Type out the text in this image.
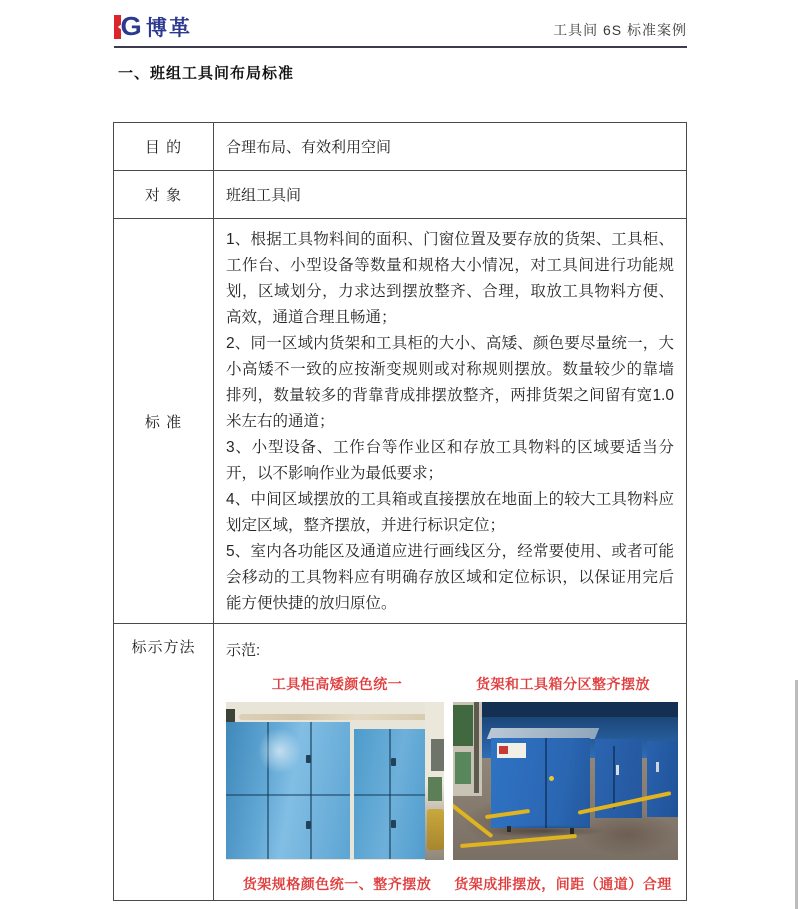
G 博革	工具间 6S 标准案例
一、班组工具间布局标准
目 的	合理布局、有效利用空间
对 象	班组工具间
标 准	1、根据工具物料间的面积、门窗位置及要存放的货架、工具柜、工作台、小型设备等数量和规格大小情况，对工具间进行功能规划，区域划分，力求达到摆放整齐、合理，取放工具物料方便、高效，通道合理且畅通；

2、同一区域内货架和工具柜的大小、高矮、颜色要尽量统一，大小高矮不一致的应按渐变规则或对称规则摆放。数量较少的靠墙排列，数量较多的背靠背成排摆放整齐，两排货架之间留有宽1.0米左右的通道；

3、小型设备、工作台等作业区和存放工具物料的区域要适当分开，以不影响作业为最低要求；

4、中间区域摆放的工具箱或直接摆放在地面上的较大工具物料应划定区域，整齐摆放，并进行标识定位；

5、室内各功能区及通道应进行画线区分，经常要使用、或者可能会移动的工具物料应有明确存放区域和定位标识，以保证用完后能方便快捷的放归原位。

标示方法	示范:
工具柜高矮颜色统一 货架和工具箱分区整齐摆放
货架规格颜色统一、整齐摆放 货架成排摆放，间距（通道）合理
